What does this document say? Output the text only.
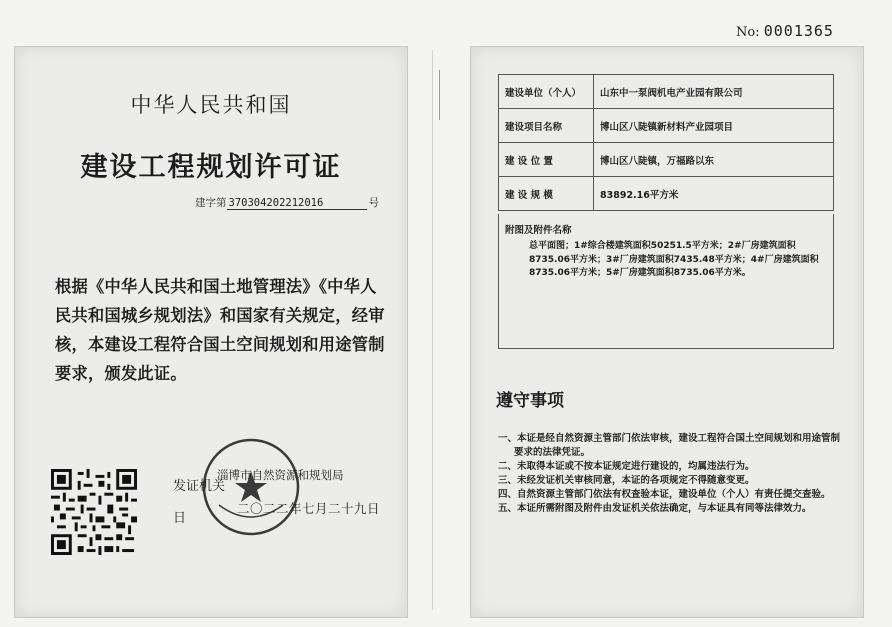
中华人民共和国
建设工程规划许可证
建字第 370304202212016	号
根据《中华人民共和国土地管理法》《中华人民共和国城乡规划法》和国家有关规定，经审核，本建设工程符合国土空间规划和用途管制要求，颁发此证。
发证机关
淄博市自然资源和规划局
日
二〇二二年七月二十九日
No: 0001365
建设单位（个人）	山东中一泵阀机电产业园有限公司
建设项目名称	博山区八陡镇新材料产业园项目
建 设 位 置	博山区八陡镇，万福路以东
建 设 规 模	83892.16平方米
附图及附件名称
总平面图；1#综合楼建筑面积50251.5平方米；2#厂房建筑面积8735.06平方米；3#厂房建筑面积7435.48平方米；4#厂房建筑面积8735.06平方米；5#厂房建筑面积8735.06平方米。
遵守事项
一、本证是经自然资源主管部门依法审核，建设工程符合国土空间规划和用途管制要求的法律凭证。
二、未取得本证或不按本证规定进行建设的，均属违法行为。
三、未经发证机关审核同意，本证的各项规定不得随意变更。
四、自然资源主管部门依法有权查验本证，建设单位（个人）有责任提交查验。
五、本证所需附图及附件由发证机关依法确定，与本证具有同等法律效力。
